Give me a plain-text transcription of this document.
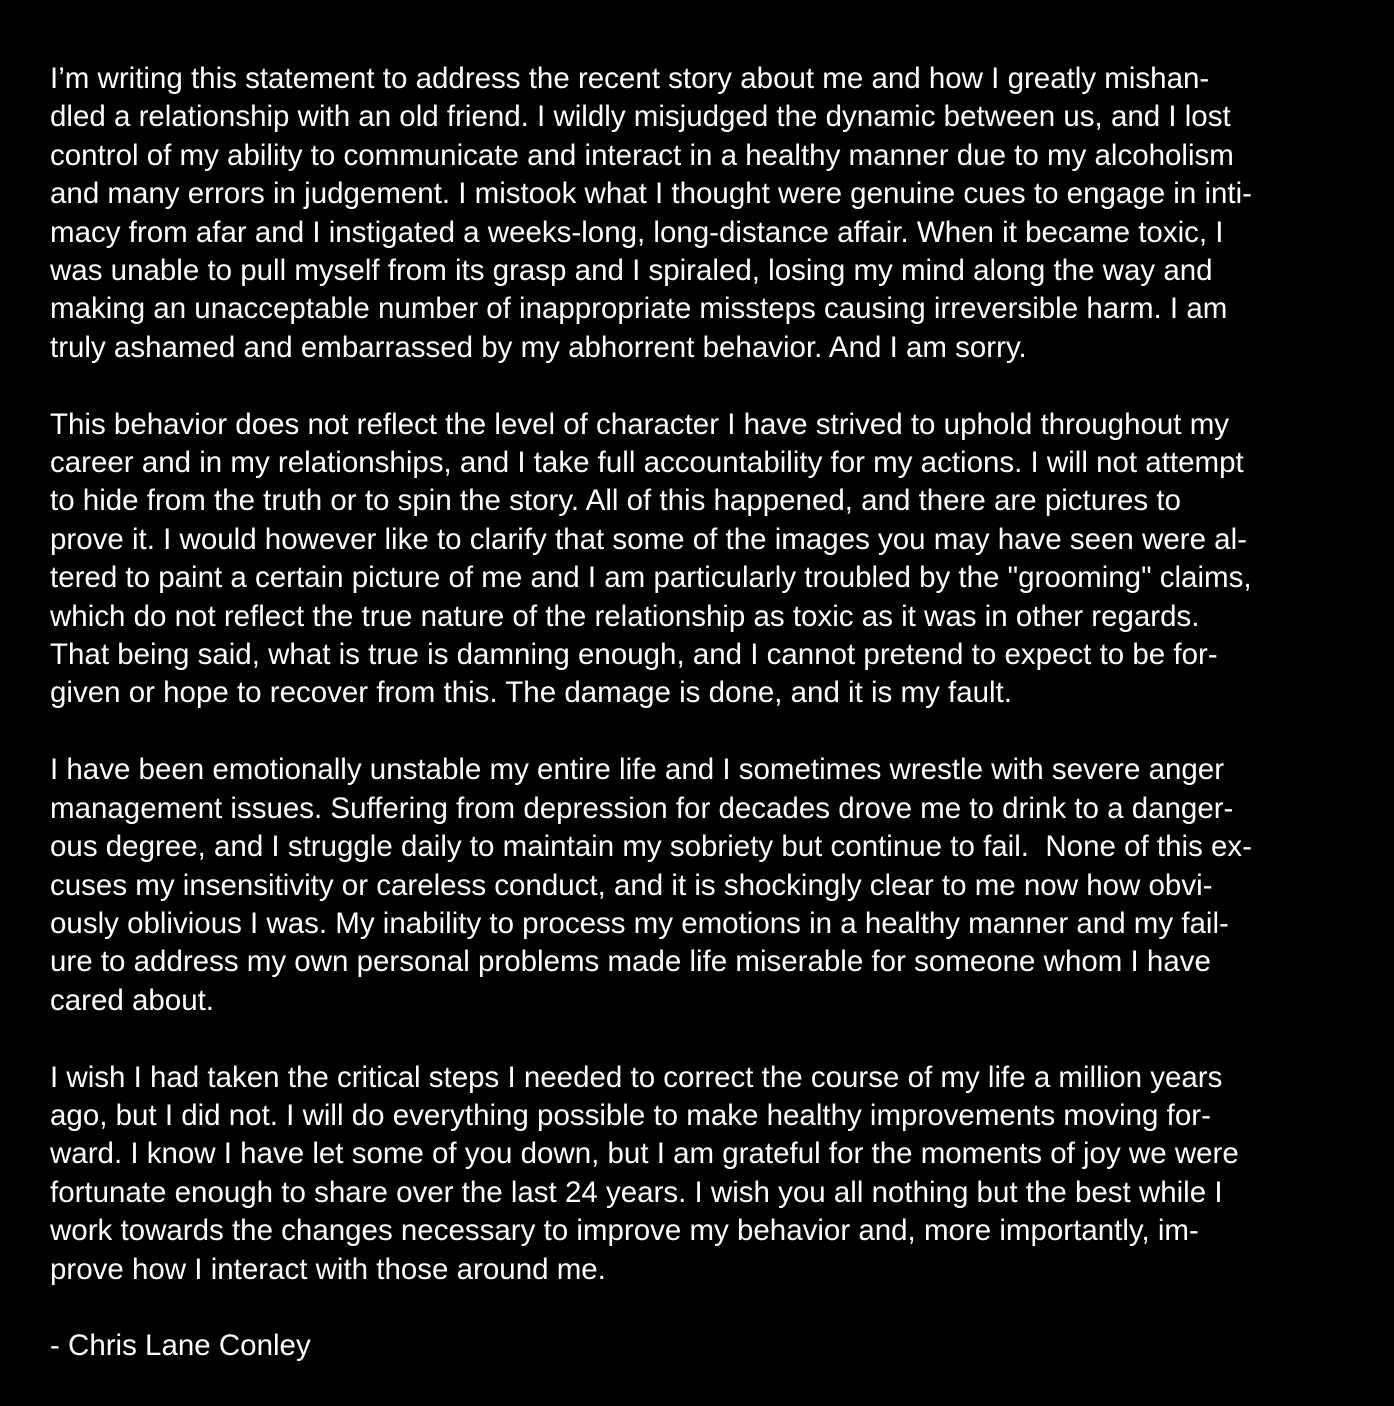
I’m writing this statement to address the recent story about me and how I greatly mishan-
dled a relationship with an old friend. I wildly misjudged the dynamic between us, and I lost
control of my ability to communicate and interact in a healthy manner due to my alcoholism
and many errors in judgement. I mistook what I thought were genuine cues to engage in inti-
macy from afar and I instigated a weeks-long, long-distance affair. When it became toxic, I
was unable to pull myself from its grasp and I spiraled, losing my mind along the way and
making an unacceptable number of inappropriate missteps causing irreversible harm. I am
truly ashamed and embarrassed by my abhorrent behavior. And I am sorry.
This behavior does not reflect the level of character I have strived to uphold throughout my
career and in my relationships, and I take full accountability for my actions. I will not attempt
to hide from the truth or to spin the story. All of this happened, and there are pictures to
prove it. I would however like to clarify that some of the images you may have seen were al-
tered to paint a certain picture of me and I am particularly troubled by the "grooming" claims,
which do not reflect the true nature of the relationship as toxic as it was in other regards.
That being said, what is true is damning enough, and I cannot pretend to expect to be for-
given or hope to recover from this. The damage is done, and it is my fault.
I have been emotionally unstable my entire life and I sometimes wrestle with severe anger
management issues. Suffering from depression for decades drove me to drink to a danger-
ous degree, and I struggle daily to maintain my sobriety but continue to fail.  None of this ex-
cuses my insensitivity or careless conduct, and it is shockingly clear to me now how obvi-
ously oblivious I was. My inability to process my emotions in a healthy manner and my fail-
ure to address my own personal problems made life miserable for someone whom I have
cared about.
I wish I had taken the critical steps I needed to correct the course of my life a million years
ago, but I did not. I will do everything possible to make healthy improvements moving for-
ward. I know I have let some of you down, but I am grateful for the moments of joy we were
fortunate enough to share over the last 24 years. I wish you all nothing but the best while I
work towards the changes necessary to improve my behavior and, more importantly, im-
prove how I interact with those around me.

- Chris Lane Conley
